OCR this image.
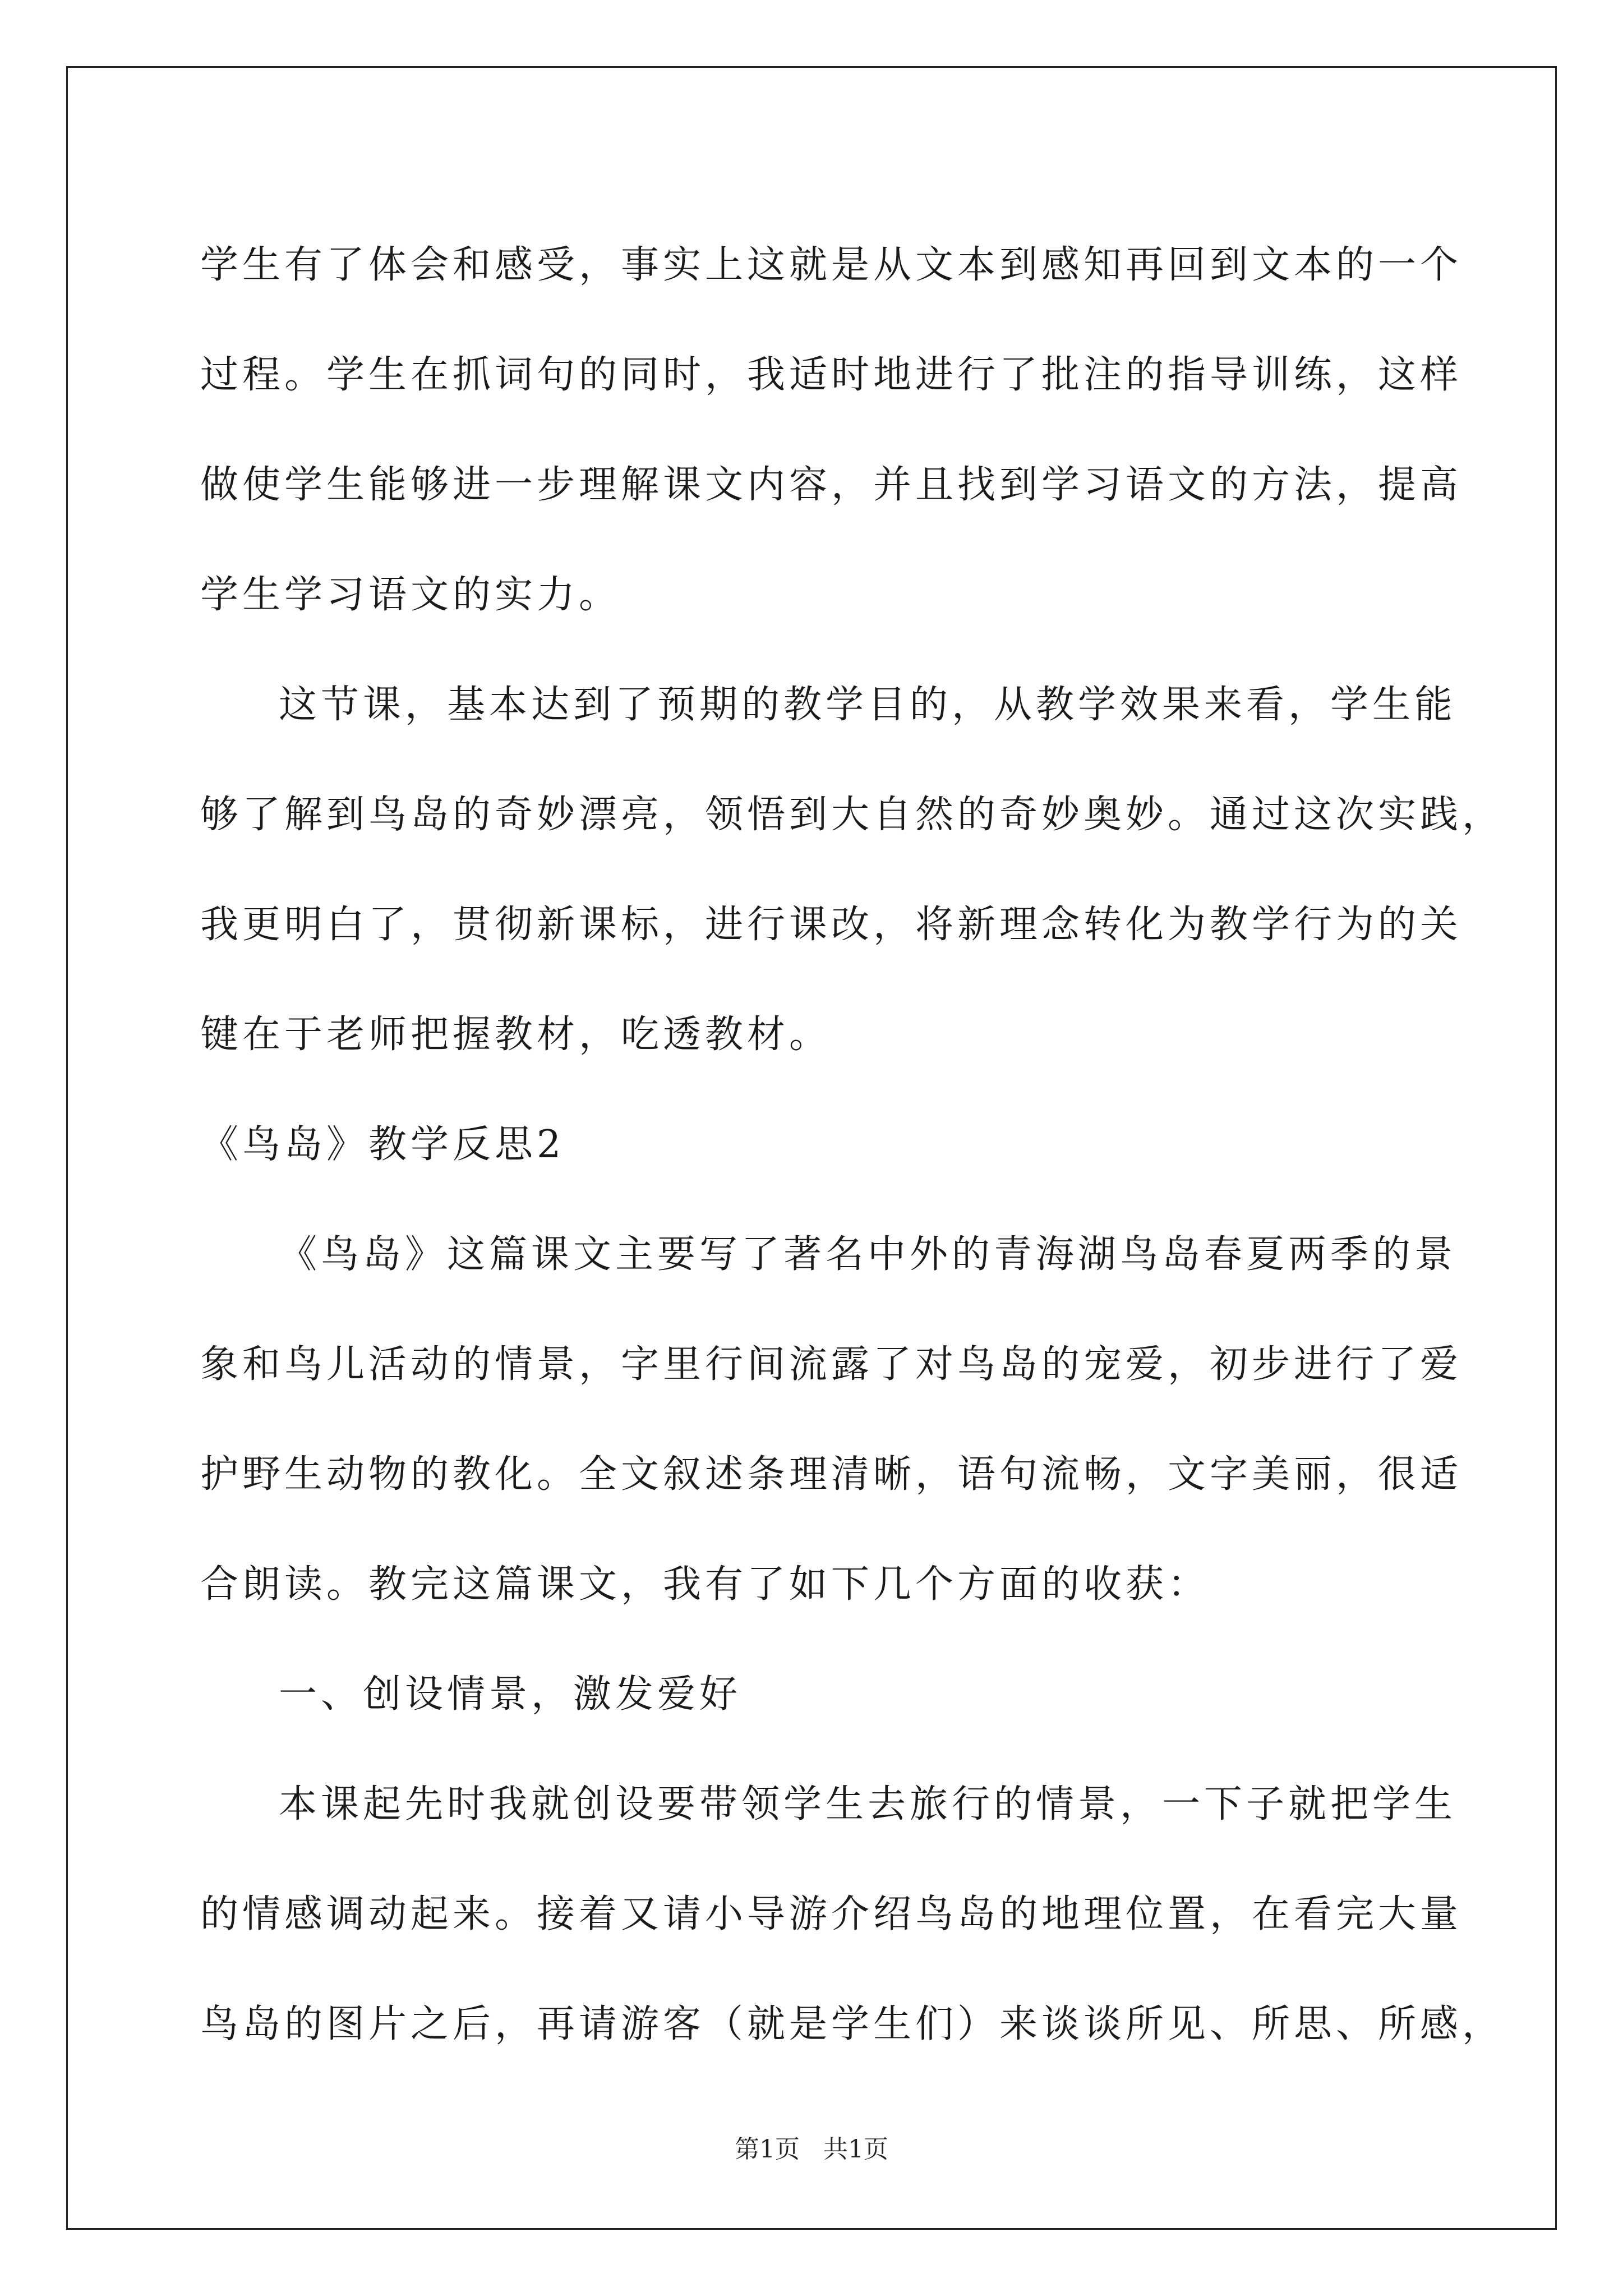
学生有了体会和感受，事实上这就是从文本到感知再回到文本的一个
过程。学生在抓词句的同时，我适时地进行了批注的指导训练，这样
做使学生能够进一步理解课文内容，并且找到学习语文的方法，提高
学生学习语文的实力。
这节课，基本达到了预期的教学目的，从教学效果来看，学生能
够了解到鸟岛的奇妙漂亮，领悟到大自然的奇妙奥妙。通过这次实践，
我更明白了，贯彻新课标，进行课改，将新理念转化为教学行为的关
键在于老师把握教材，吃透教材。
《鸟岛》教学反思2
《鸟岛》这篇课文主要写了著名中外的青海湖鸟岛春夏两季的景
象和鸟儿活动的情景，字里行间流露了对鸟岛的宠爱，初步进行了爱
护野生动物的教化。全文叙述条理清晰，语句流畅，文字美丽，很适
合朗读。教完这篇课文，我有了如下几个方面的收获：
一、创设情景，激发爱好
本课起先时我就创设要带领学生去旅行的情景，一下子就把学生
的情感调动起来。接着又请小导游介绍鸟岛的地理位置，在看完大量
鸟岛的图片之后，再请游客（就是学生们）来谈谈所见、所思、所感，
第1页 共1页
